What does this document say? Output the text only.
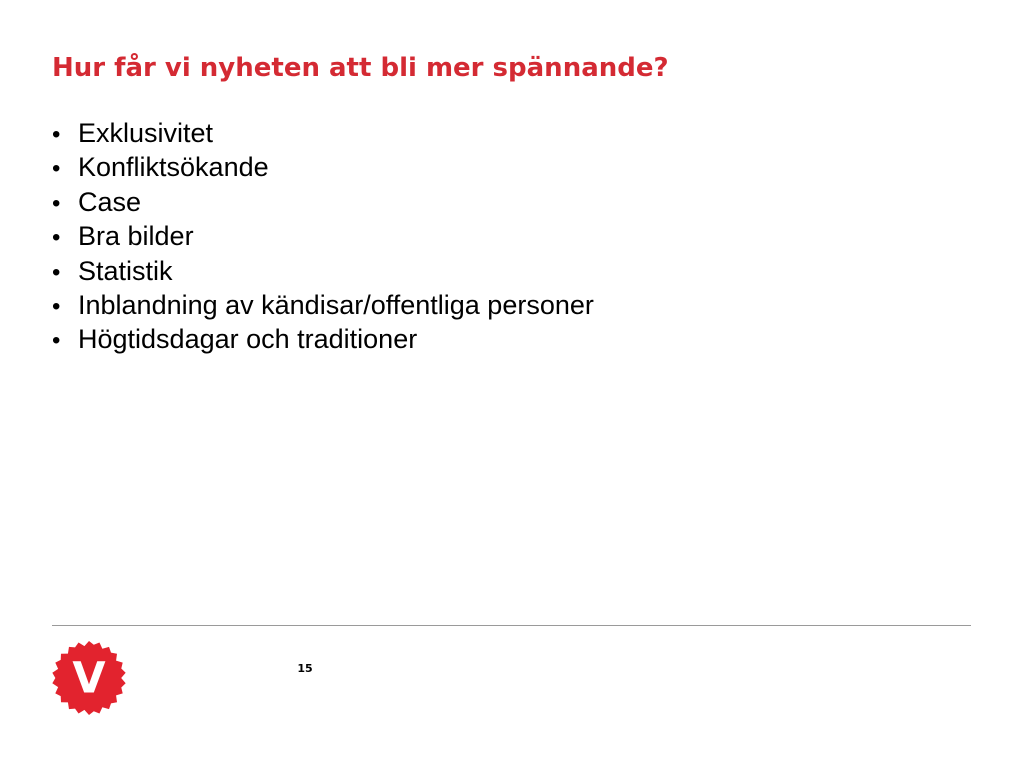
Hur får vi nyheten att bli mer spännande?
• Exklusivitet
• Konfliktsökande
• Case
• Bra bilder
• Statistik
• Inblandning av kändisar/offentliga personer
• Högtidsdagar och traditioner
V	15
